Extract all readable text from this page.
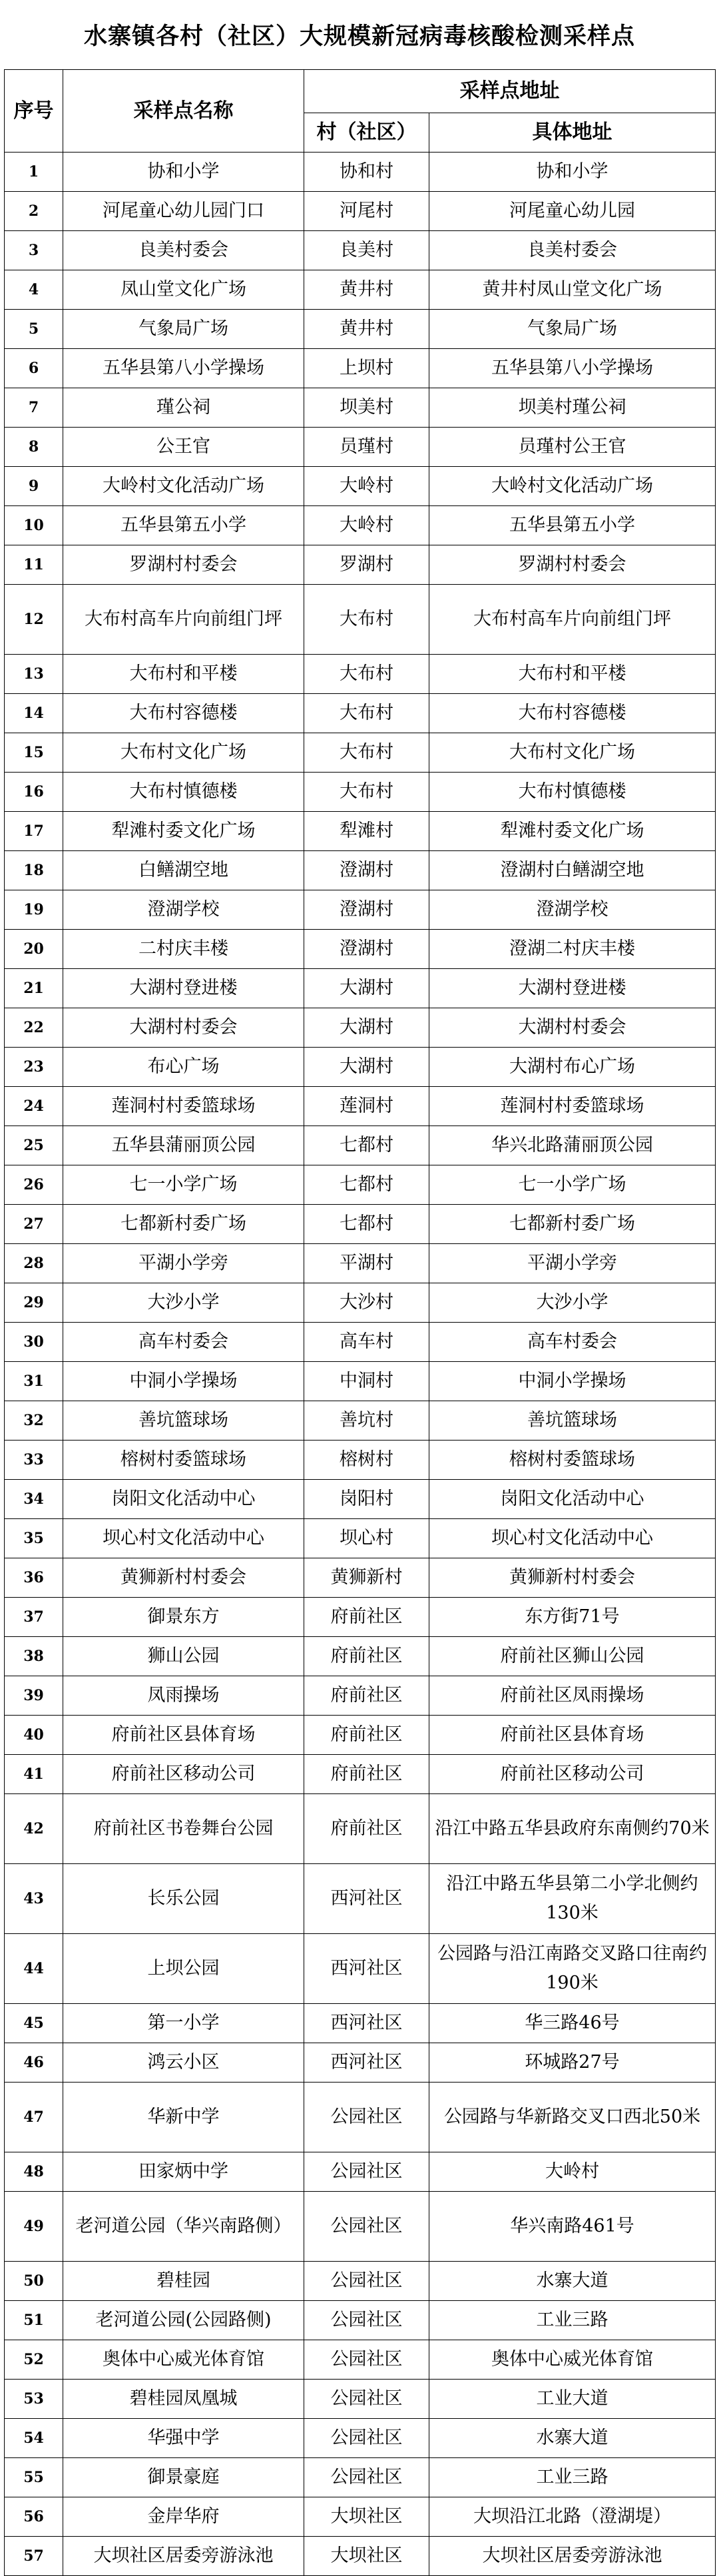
水寨镇各村（社区）大规模新冠病毒核酸检测采样点
序号	采样点名称	采样点地址	
		村（社区）	具体地址
1	协和小学	协和村	协和小学
2	河尾童心幼儿园门口	河尾村	河尾童心幼儿园
3	良美村委会	良美村	良美村委会
4	凤山堂文化广场	黄井村	黄井村凤山堂文化广场
5	气象局广场	黄井村	气象局广场
6	五华县第八小学操场	上坝村	五华县第八小学操场
7	瑾公祠	坝美村	坝美村瑾公祠
8	公王官	员瑾村	员瑾村公王官
9	大岭村文化活动广场	大岭村	大岭村文化活动广场
10	五华县第五小学	大岭村	五华县第五小学
11	罗湖村村委会	罗湖村	罗湖村村委会
12	大布村高车片向前组门坪	大布村	大布村高车片向前组门坪
13	大布村和平楼	大布村	大布村和平楼
14	大布村容德楼	大布村	大布村容德楼
15	大布村文化广场	大布村	大布村文化广场
16	大布村慎德楼	大布村	大布村慎德楼
17	犁滩村委文化广场	犁滩村	犁滩村委文化广场
18	白鳝湖空地	澄湖村	澄湖村白鳝湖空地
19	澄湖学校	澄湖村	澄湖学校
20	二村庆丰楼	澄湖村	澄湖二村庆丰楼
21	大湖村登进楼	大湖村	大湖村登进楼
22	大湖村村委会	大湖村	大湖村村委会
23	布心广场	大湖村	大湖村布心广场
24	莲洞村村委篮球场	莲洞村	莲洞村村委篮球场
25	五华县蒲丽顶公园	七都村	华兴北路蒲丽顶公园
26	七一小学广场	七都村	七一小学广场
27	七都新村委广场	七都村	七都新村委广场
28	平湖小学旁	平湖村	平湖小学旁
29	大沙小学	大沙村	大沙小学
30	高车村委会	高车村	高车村委会
31	中洞小学操场	中洞村	中洞小学操场
32	善坑篮球场	善坑村	善坑篮球场
33	榕树村委篮球场	榕树村	榕树村委篮球场
34	岗阳文化活动中心	岗阳村	岗阳文化活动中心
35	坝心村文化活动中心	坝心村	坝心村文化活动中心
36	黄狮新村村委会	黄狮新村	黄狮新村村委会
37	御景东方	府前社区	东方街71号
38	狮山公园	府前社区	府前社区狮山公园
39	凤雨操场	府前社区	府前社区凤雨操场
40	府前社区县体育场	府前社区	府前社区县体育场
41	府前社区移动公司	府前社区	府前社区移动公司
42	府前社区书卷舞台公园	府前社区	沿江中路五华县政府东南侧约70米
43	长乐公园	西河社区	沿江中路五华县第二小学北侧约130米
44	上坝公园	西河社区	公园路与沿江南路交叉路口往南约190米
45	第一小学	西河社区	华三路46号
46	鸿云小区	西河社区	环城路27号
47	华新中学	公园社区	公园路与华新路交叉口西北50米
48	田家炳中学	公园社区	大岭村
49	老河道公园（华兴南路侧）	公园社区	华兴南路461号
50	碧桂园	公园社区	水寨大道
51	老河道公园(公园路侧)	公园社区	工业三路
52	奥体中心威光体育馆	公园社区	奥体中心威光体育馆
53	碧桂园凤凰城	公园社区	工业大道
54	华强中学	公园社区	水寨大道
55	御景豪庭	公园社区	工业三路
56	金岸华府	大坝社区	大坝沿江北路（澄湖堤）
57	大坝社区居委旁游泳池	大坝社区	大坝社区居委旁游泳池
